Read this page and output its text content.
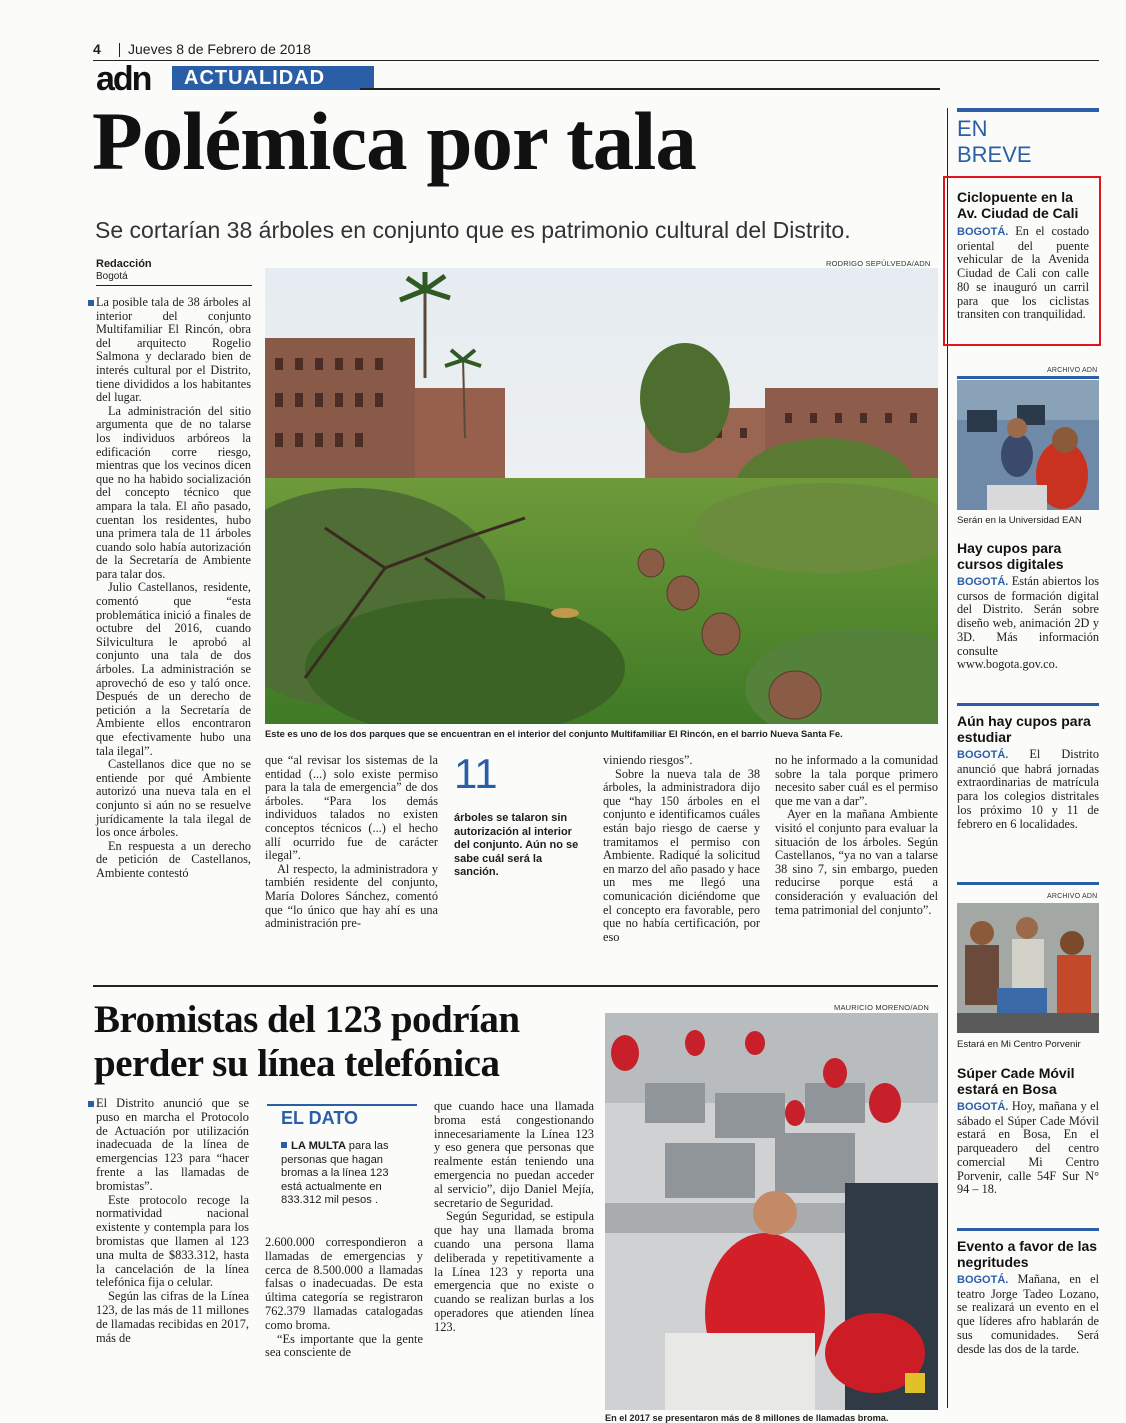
4 Jueves 8 de Febrero de 2018
adn	ACTUALIDAD
Polémica por tala
Se cortarían 38 árboles en conjunto que es patrimonio cultural del Distrito.
Redacción
Bogotá
RODRIGO SEPÚLVEDA/ADN
Este es uno de los dos parques que se encuentran en el interior del conjunto Multifamiliar El Rincón, en el barrio Nueva Santa Fe.

La posible tala de 38 árboles al interior del conjunto Multifamiliar El Rincón, obra del arquitecto Rogelio Salmona y declarado bien de interés cultural por el Distrito, tiene divididos a los habitantes del lugar.

La administración del sitio argumenta que de no talarse los individuos arbóreos la edificación corre riesgo, mientras que los vecinos dicen que no ha habido socialización del concepto técnico que ampara la tala. El año pasado, cuentan los residentes, hubo una primera tala de 11 árboles cuando solo había autorización de la Secretaría de Ambiente para talar dos.

Julio Castellanos, residente, comentó que “esta problemática inició a finales de octubre del 2016, cuando Silvicultura le aprobó al conjunto una tala de dos árboles. La administración se aprovechó de eso y taló once. Después de un derecho de petición a la Secretaría de Ambiente ellos encontraron que efectivamente hubo una tala ilegal”.

Castellanos dice que no se entiende por qué Ambiente autorizó una nueva tala en el conjunto si aún no se resuelve jurídicamente la tala ilegal de los once árboles.

En respuesta a un derecho de petición de Castellanos, Ambiente contestó

que “al revisar los sistemas de la entidad (...) solo existe permiso para la tala de emergencia” de dos árboles. “Para los demás individuos talados no existen conceptos técnicos (...) el hecho allí ocurrido fue de carácter ilegal”.

Al respecto, la administradora y también residente del conjunto, María Dolores Sánchez, comentó que “lo único que hay ahí es una administración pre-

11
árboles se talaron sin autorización al interior del conjunto. Aún no se sabe cuál será la sanción.

viniendo riesgos”.

Sobre la nueva tala de 38 árboles, la administradora dijo que “hay 150 árboles en el conjunto e identificamos cuáles están bajo riesgo de caerse y tramitamos el permiso con Ambiente. Radiqué la solicitud en marzo del año pasado y hace un mes me llegó una comunicación diciéndome que el concepto era favorable, pero que no había certificación, por eso

no he informado a la comunidad sobre la tala porque primero necesito saber cuál es el permiso que me van a dar”.

Ayer en la mañana Ambiente visitó el conjunto para evaluar la situación de los árboles. Según Castellanos, “ya no van a talarse 38 sino 7, sin embargo, pueden reducirse porque está a consideración y evaluación del tema patrimonial del conjunto”.

Bromistas del 123 podrían perder su línea telefónica
MAURICIO MORENO/ADN
En el 2017 se presentaron más de 8 millones de llamadas broma.

El Distrito anunció que se puso en marcha el Protocolo de Actuación por utilización inadecuada de la línea de emergencias 123 para “hacer frente a las llamadas de bromistas”.

Este protocolo recoge la normatividad nacional existente y contempla para los bromistas que llamen al 123 una multa de $833.312, hasta la cancelación de la línea telefónica fija o celular.

Según las cifras de la Línea 123, de las más de 11 millones de llamadas recibidas en 2017, más de

EL DATO
LA MULTA para las personas que hagan bromas a la línea 123 está actualmente en 833.312 mil pesos .

2.600.000 correspondieron a llamadas de emergencias y cerca de 8.500.000 a llamadas falsas o inadecuadas. De esta última categoría se registraron 762.379 llamadas catalogadas como broma.

“Es importante que la gente sea consciente de

que cuando hace una llamada broma está congestionando innecesariamente la Línea 123 y eso genera que personas que realmente están teniendo una emergencia no puedan acceder al servicio”, dijo Daniel Mejía, secretario de Seguridad.

Según Seguridad, se estipula que hay una llamada broma cuando una persona llama deliberada y repetitivamente a la Línea 123 y reporta una emergencia que no existe o cuando se realizan burlas a los operadores que atienden línea 123.

EN
BREVE
Ciclopuente en la Av. Ciudad de Cali
BOGOTÁ. En el costado oriental del puente vehicular de la Avenida Ciudad de Cali con calle 80 se inauguró un carril para que los ciclistas transiten con tranquilidad.
ARCHIVO ADN
Serán en la Universidad EAN
Hay cupos para cursos digitales
BOGOTÁ. Están abiertos los cursos de formación digital del Distrito. Serán sobre diseño web, animación 2D y 3D. Más información consulte www.bogota.gov.co.
Aún hay cupos para estudiar
BOGOTÁ. El Distrito anunció que habrá jornadas extraordinarias de matrícula para los colegios distritales los próximo 10 y 11 de febrero en 6 localidades.
ARCHIVO ADN
Estará en Mi Centro Porvenir
Súper Cade Móvil estará en Bosa
BOGOTÁ. Hoy, mañana y el sábado el Súper Cade Móvil estará en Bosa, En el parqueadero del centro comercial Mi Centro Porvenir, calle 54F Sur N° 94 – 18.
Evento a favor de las negritudes
BOGOTÁ. Mañana, en el teatro Jorge Tadeo Lozano, se realizará un evento en el que líderes afro hablarán de sus comunidades. Será desde las dos de la tarde.
